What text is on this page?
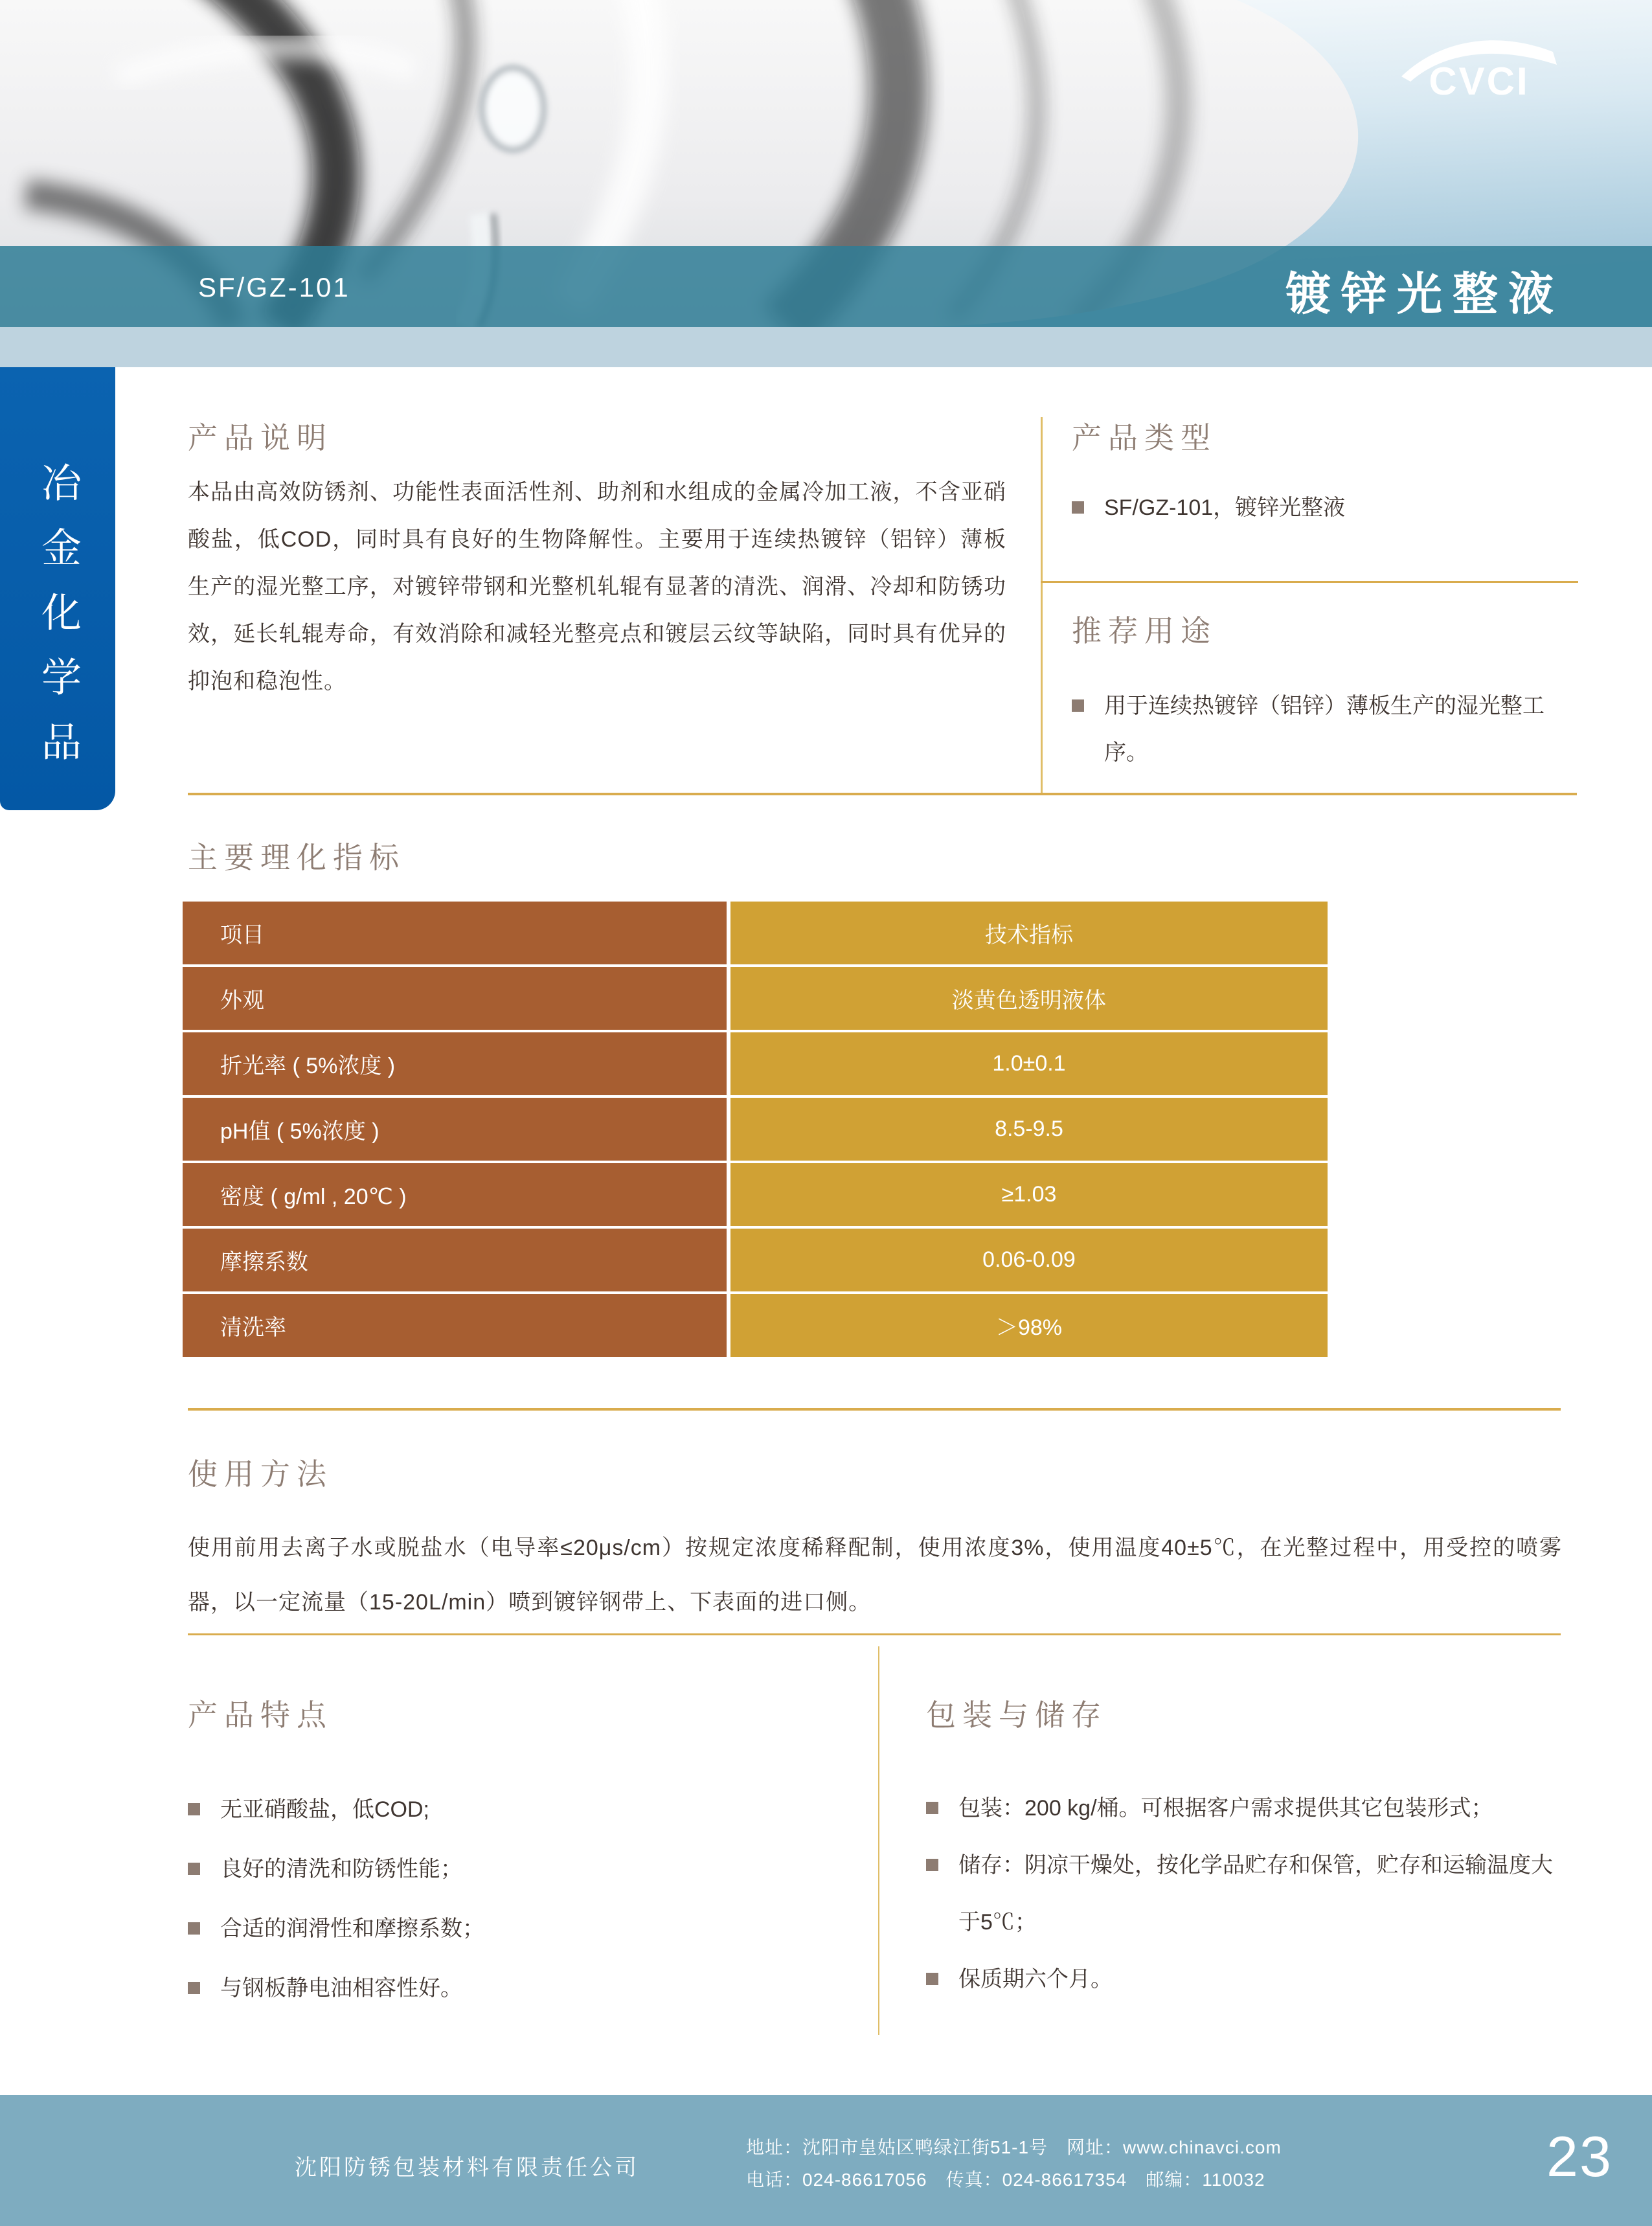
CVCI
SF/GZ-101	镀锌光整液
冶金化学品
产品说明
本品由高效防锈剂、功能性表面活性剂、助剂和水组成的金属冷加工液，不含亚硝酸盐，低COD，同时具有良好的生物降解性。主要用于连续热镀锌（铝锌）薄板生产的湿光整工序，对镀锌带钢和光整机轧辊有显著的清洗、润滑、冷却和防锈功效，延长轧辊寿命，有效消除和减轻光整亮点和镀层云纹等缺陷，同时具有优异的抑泡和稳泡性。
产品类型
SF/GZ-101，镀锌光整液
推荐用途
用于连续热镀锌（铝锌）薄板生产的湿光整工序。
主要理化指标
项目	技术指标
外观	淡黄色透明液体
折光率 ( 5%浓度 )	1.0±0.1
pH值 ( 5%浓度 )	8.5-9.5
密度 ( g/ml , 20℃ )	≥1.03
摩擦系数	0.06-0.09
清洗率	＞98%
使用方法
使用前用去离子水或脱盐水（电导率≤20μs/cm）按规定浓度稀释配制，使用浓度3%，使用温度40±5℃，在光整过程中，用受控的喷雾器，以一定流量（15-20L/min）喷到镀锌钢带上、下表面的进口侧。
产品特点
无亚硝酸盐，低COD;
良好的清洗和防锈性能；
合适的润滑性和摩擦系数；
与钢板静电油相容性好。
包装与储存
包装：200 kg/桶。可根据客户需求提供其它包装形式；
储存：阴凉干燥处，按化学品贮存和保管，贮存和运输温度大于5℃；
保质期六个月。
沈阳防锈包装材料有限责任公司
地址：沈阳市皇姑区鸭绿江街51-1号　网址：www.chinavci.com
电话：024-86617056　传真：024-86617354　邮编：110032	23
